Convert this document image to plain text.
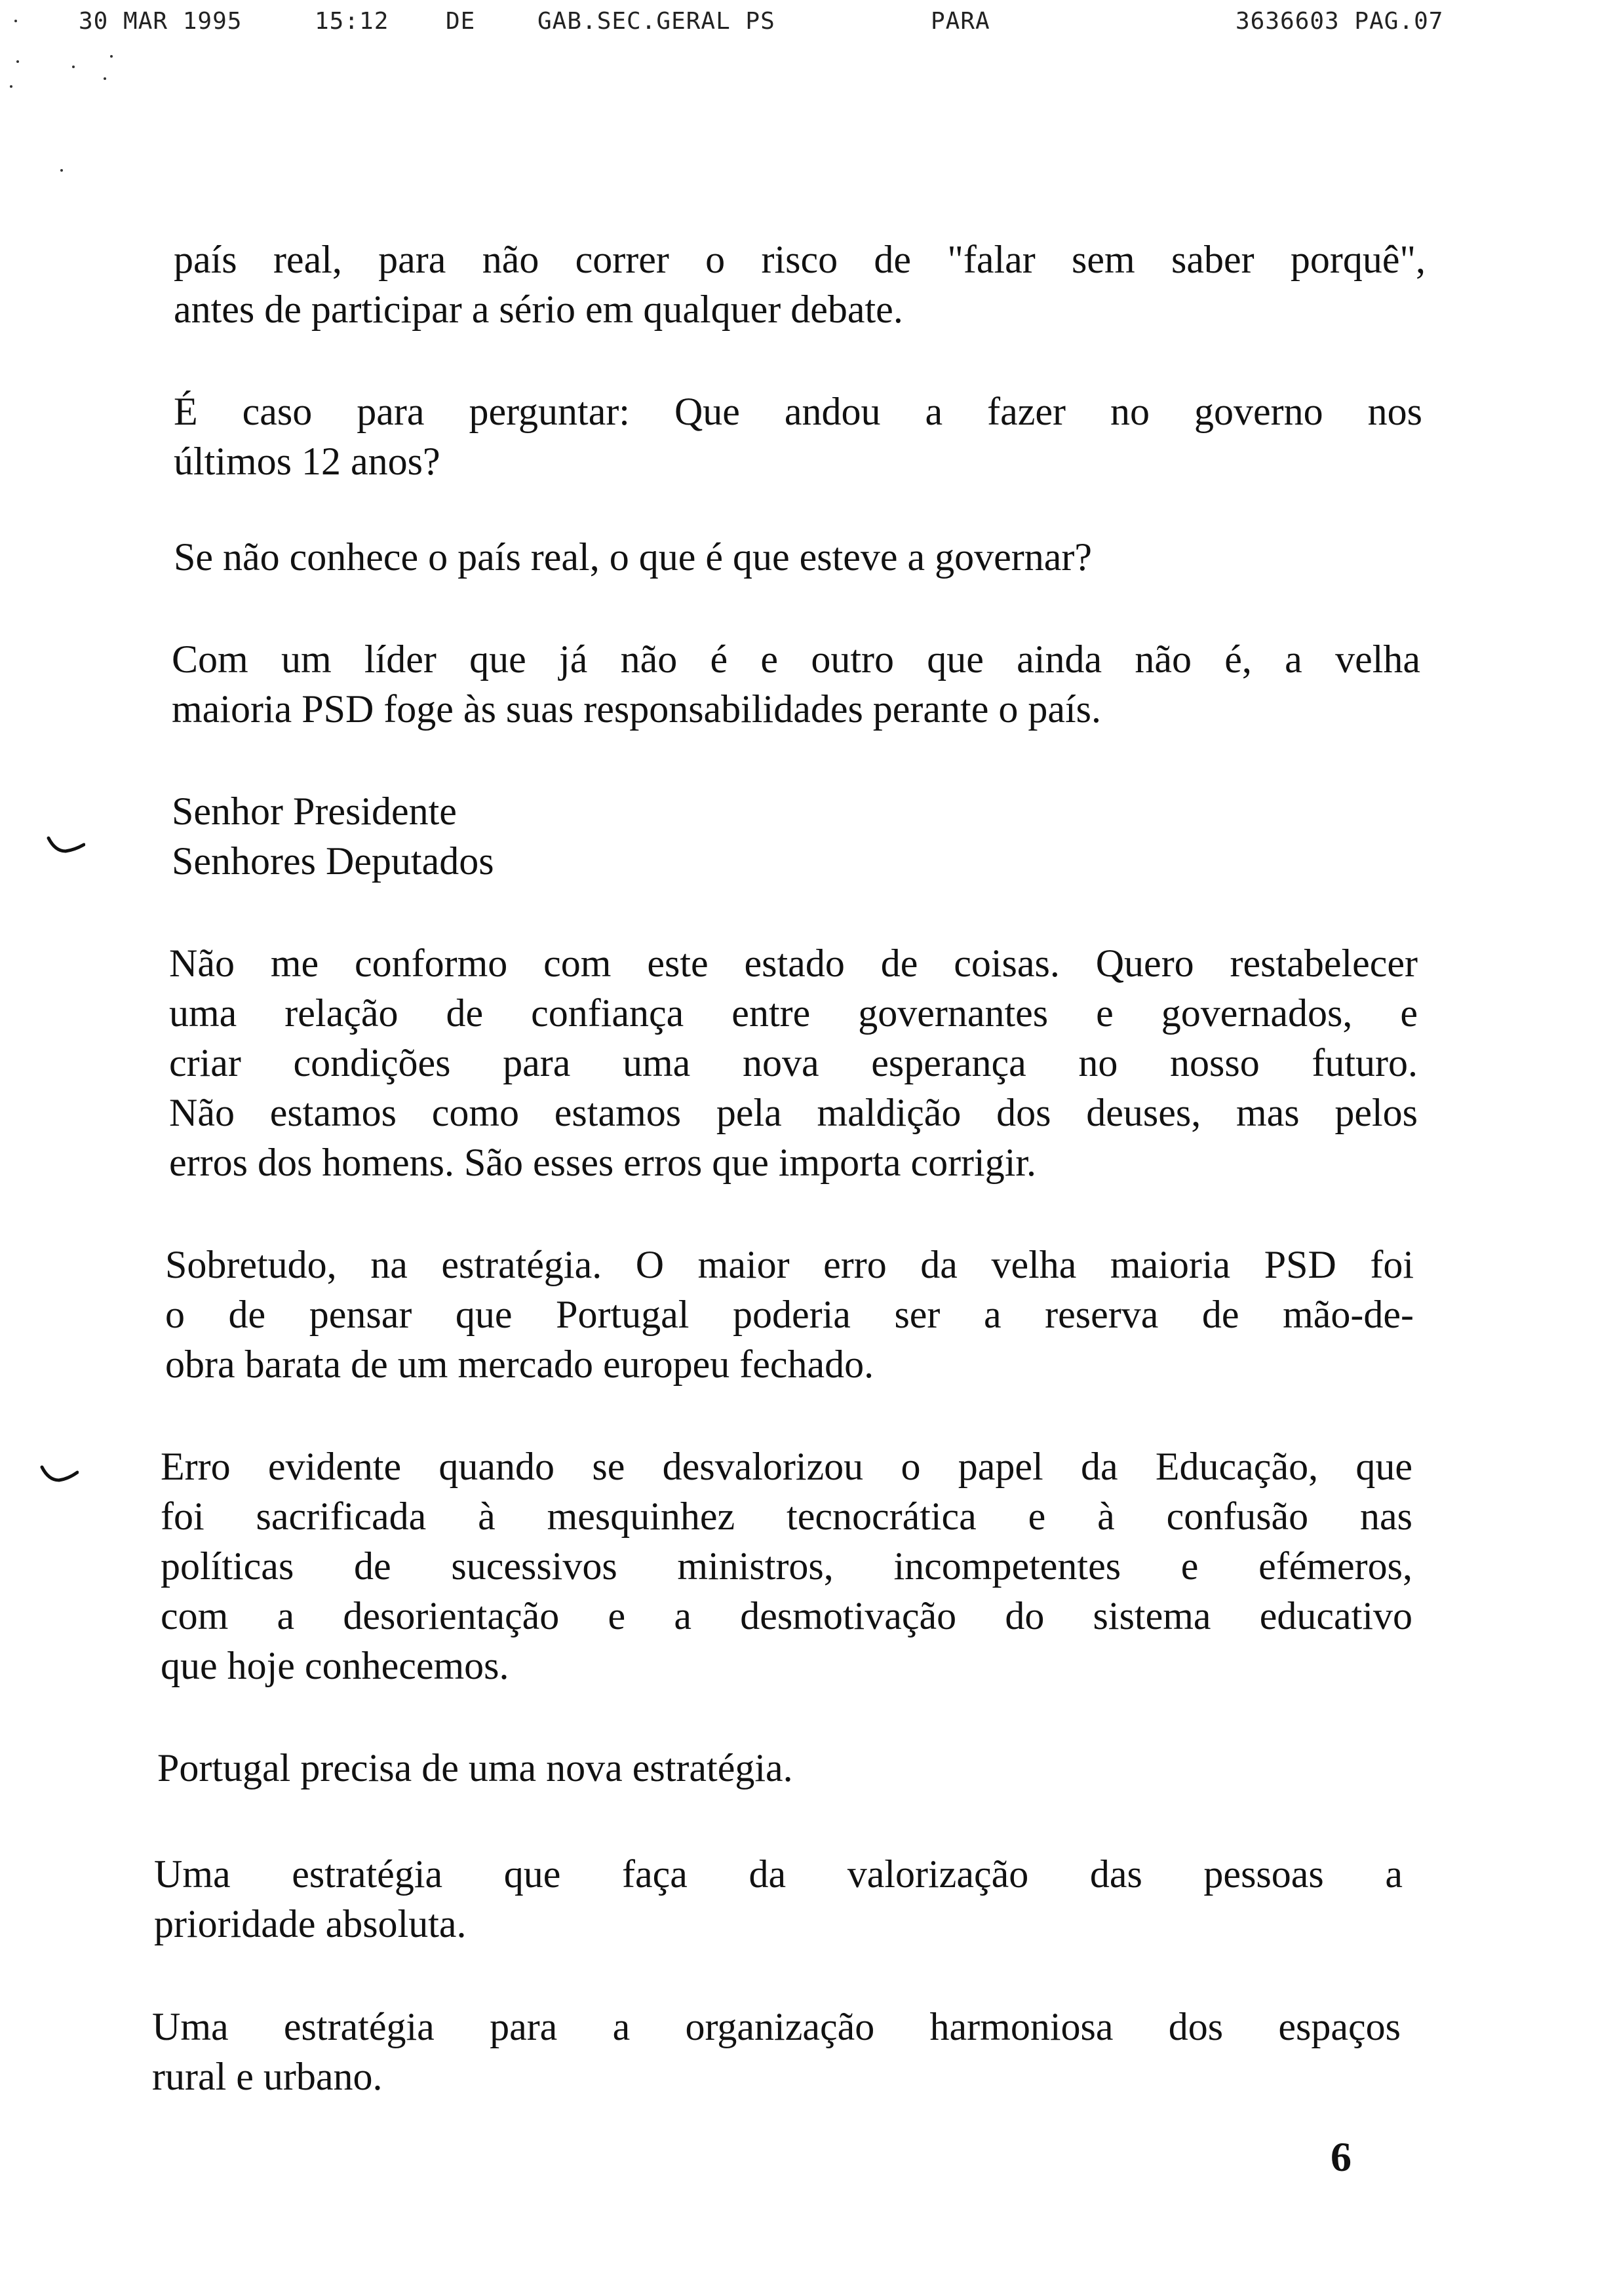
30 MAR 1995	15:12 DE	GAB.SEC.GERAL PS	PARA	3636603 PAG.07

país real, para não correr o risco de "falar sem saber porquê",
antes de participar a sério em qualquer debate.

É caso para perguntar: Que andou a fazer no governo nos
últimos 12 anos?

Se não conhece o país real, o que é que esteve a governar?

Com um líder que já não é e outro que ainda não é, a velha
maioria PSD foge às suas responsabilidades perante o país.

Senhor Presidente
Senhores Deputados

Não me conformo com este estado de coisas. Quero restabelecer
uma relação de confiança entre governantes e governados, e
criar condições para uma nova esperança no nosso futuro.
Não estamos como estamos pela maldição dos deuses, mas pelos
erros dos homens. São esses erros que importa corrigir.

Sobretudo, na estratégia. O maior erro da velha maioria PSD foi
o de pensar que Portugal poderia ser a reserva de mão-de-
obra barata de um mercado europeu fechado.

Erro evidente quando se desvalorizou o papel da Educação, que
foi sacrificada à mesquinhez tecnocrática e à confusão nas
políticas de sucessivos ministros, incompetentes e efémeros,
com a desorientação e a desmotivação do sistema educativo
que hoje conhecemos.

Portugal precisa de uma nova estratégia.

Uma estratégia que faça da valorização das pessoas a
prioridade absoluta.

Uma estratégia para a organização harmoniosa dos espaços
rural e urbano.

6
